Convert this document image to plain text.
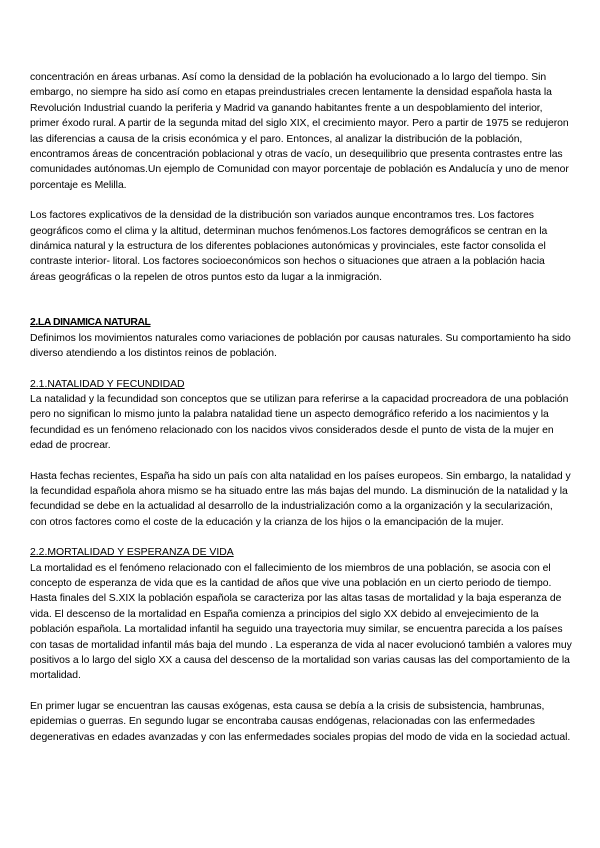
concentración en áreas urbanas. Así como la densidad de la población ha evolucionado a lo largo del tiempo. Sin embargo, no siempre ha sido así como en etapas preindustriales crecen lentamente la densidad española hasta la Revolución Industrial cuando la periferia y Madrid va ganando habitantes frente a un despoblamiento del interior, primer éxodo rural. A partir de la segunda mitad del siglo XIX, el crecimiento mayor. Pero a partir de 1975 se redujeron las diferencias a causa de la crisis económica y el paro. Entonces, al analizar la distribución de la población, encontramos áreas de concentración poblacional y otras de vacío, un desequilibrio que presenta contrastes entre las comunidades autónomas.Un ejemplo de Comunidad con mayor porcentaje de población es Andalucía y uno de menor porcentaje es Melilla.

Los factores explicativos de la densidad de la distribución son variados aunque encontramos tres. Los factores geográficos como el clima y la altitud, determinan muchos fenómenos.Los factores demográficos se centran en la dinámica natural y la estructura de los diferentes poblaciones autonómicas y provinciales, este factor consolida el contraste interior- litoral. Los factores socioeconómicos son hechos o situaciones que atraen a la población hacia áreas geográficas o la repelen de otros puntos esto da lugar a la inmigración.

2.LA DINAMICA NATURAL

Definimos los movimientos naturales como variaciones de población por causas naturales. Su comportamiento ha sido diverso atendiendo a los distintos reinos de población.

2.1.NATALIDAD Y FECUNDIDAD

La natalidad y la fecundidad son conceptos que se utilizan para referirse a la capacidad procreadora de una población pero no significan lo mismo junto la palabra natalidad tiene un aspecto demográfico referido a los nacimientos y la fecundidad es un fenómeno relacionado con los nacidos vivos considerados desde el punto de vista de la mujer en edad de procrear.

Hasta fechas recientes, España ha sido un país con alta natalidad en los países europeos. Sin embargo, la natalidad y la fecundidad española ahora mismo se ha situado entre las más bajas del mundo. La disminución de la natalidad y la fecundidad se debe en la actualidad al desarrollo de la industrialización como a la organización y la secularización, con otros factores como el coste de la educación y la crianza de los hijos o la emancipación de la mujer.

2.2.MORTALIDAD Y ESPERANZA DE VIDA

La mortalidad es el fenómeno relacionado con el fallecimiento de los miembros de una población, se asocia con el concepto de esperanza de vida que es la cantidad de años que vive una población en un cierto periodo de tiempo. Hasta finales del S.XIX la población española se caracteriza por las altas tasas de mortalidad y la baja esperanza de vida. El descenso de la mortalidad en España comienza a principios del siglo XX debido al envejecimiento de la población española. La mortalidad infantil ha seguido una trayectoria muy similar, se encuentra parecida a los países con tasas de mortalidad infantil más baja del mundo . La esperanza de vida al nacer evolucionó también a valores muy positivos a lo largo del siglo XX a causa del descenso de la mortalidad son varias causas las del comportamiento de la mortalidad.

En primer lugar se encuentran las causas exógenas, esta causa se debía a la crisis de subsistencia, hambrunas, epidemias o guerras. En segundo lugar se encontraba causas endógenas, relacionadas con las enfermedades degenerativas en edades avanzadas y con las enfermedades sociales propias del modo de vida en la sociedad actual.
